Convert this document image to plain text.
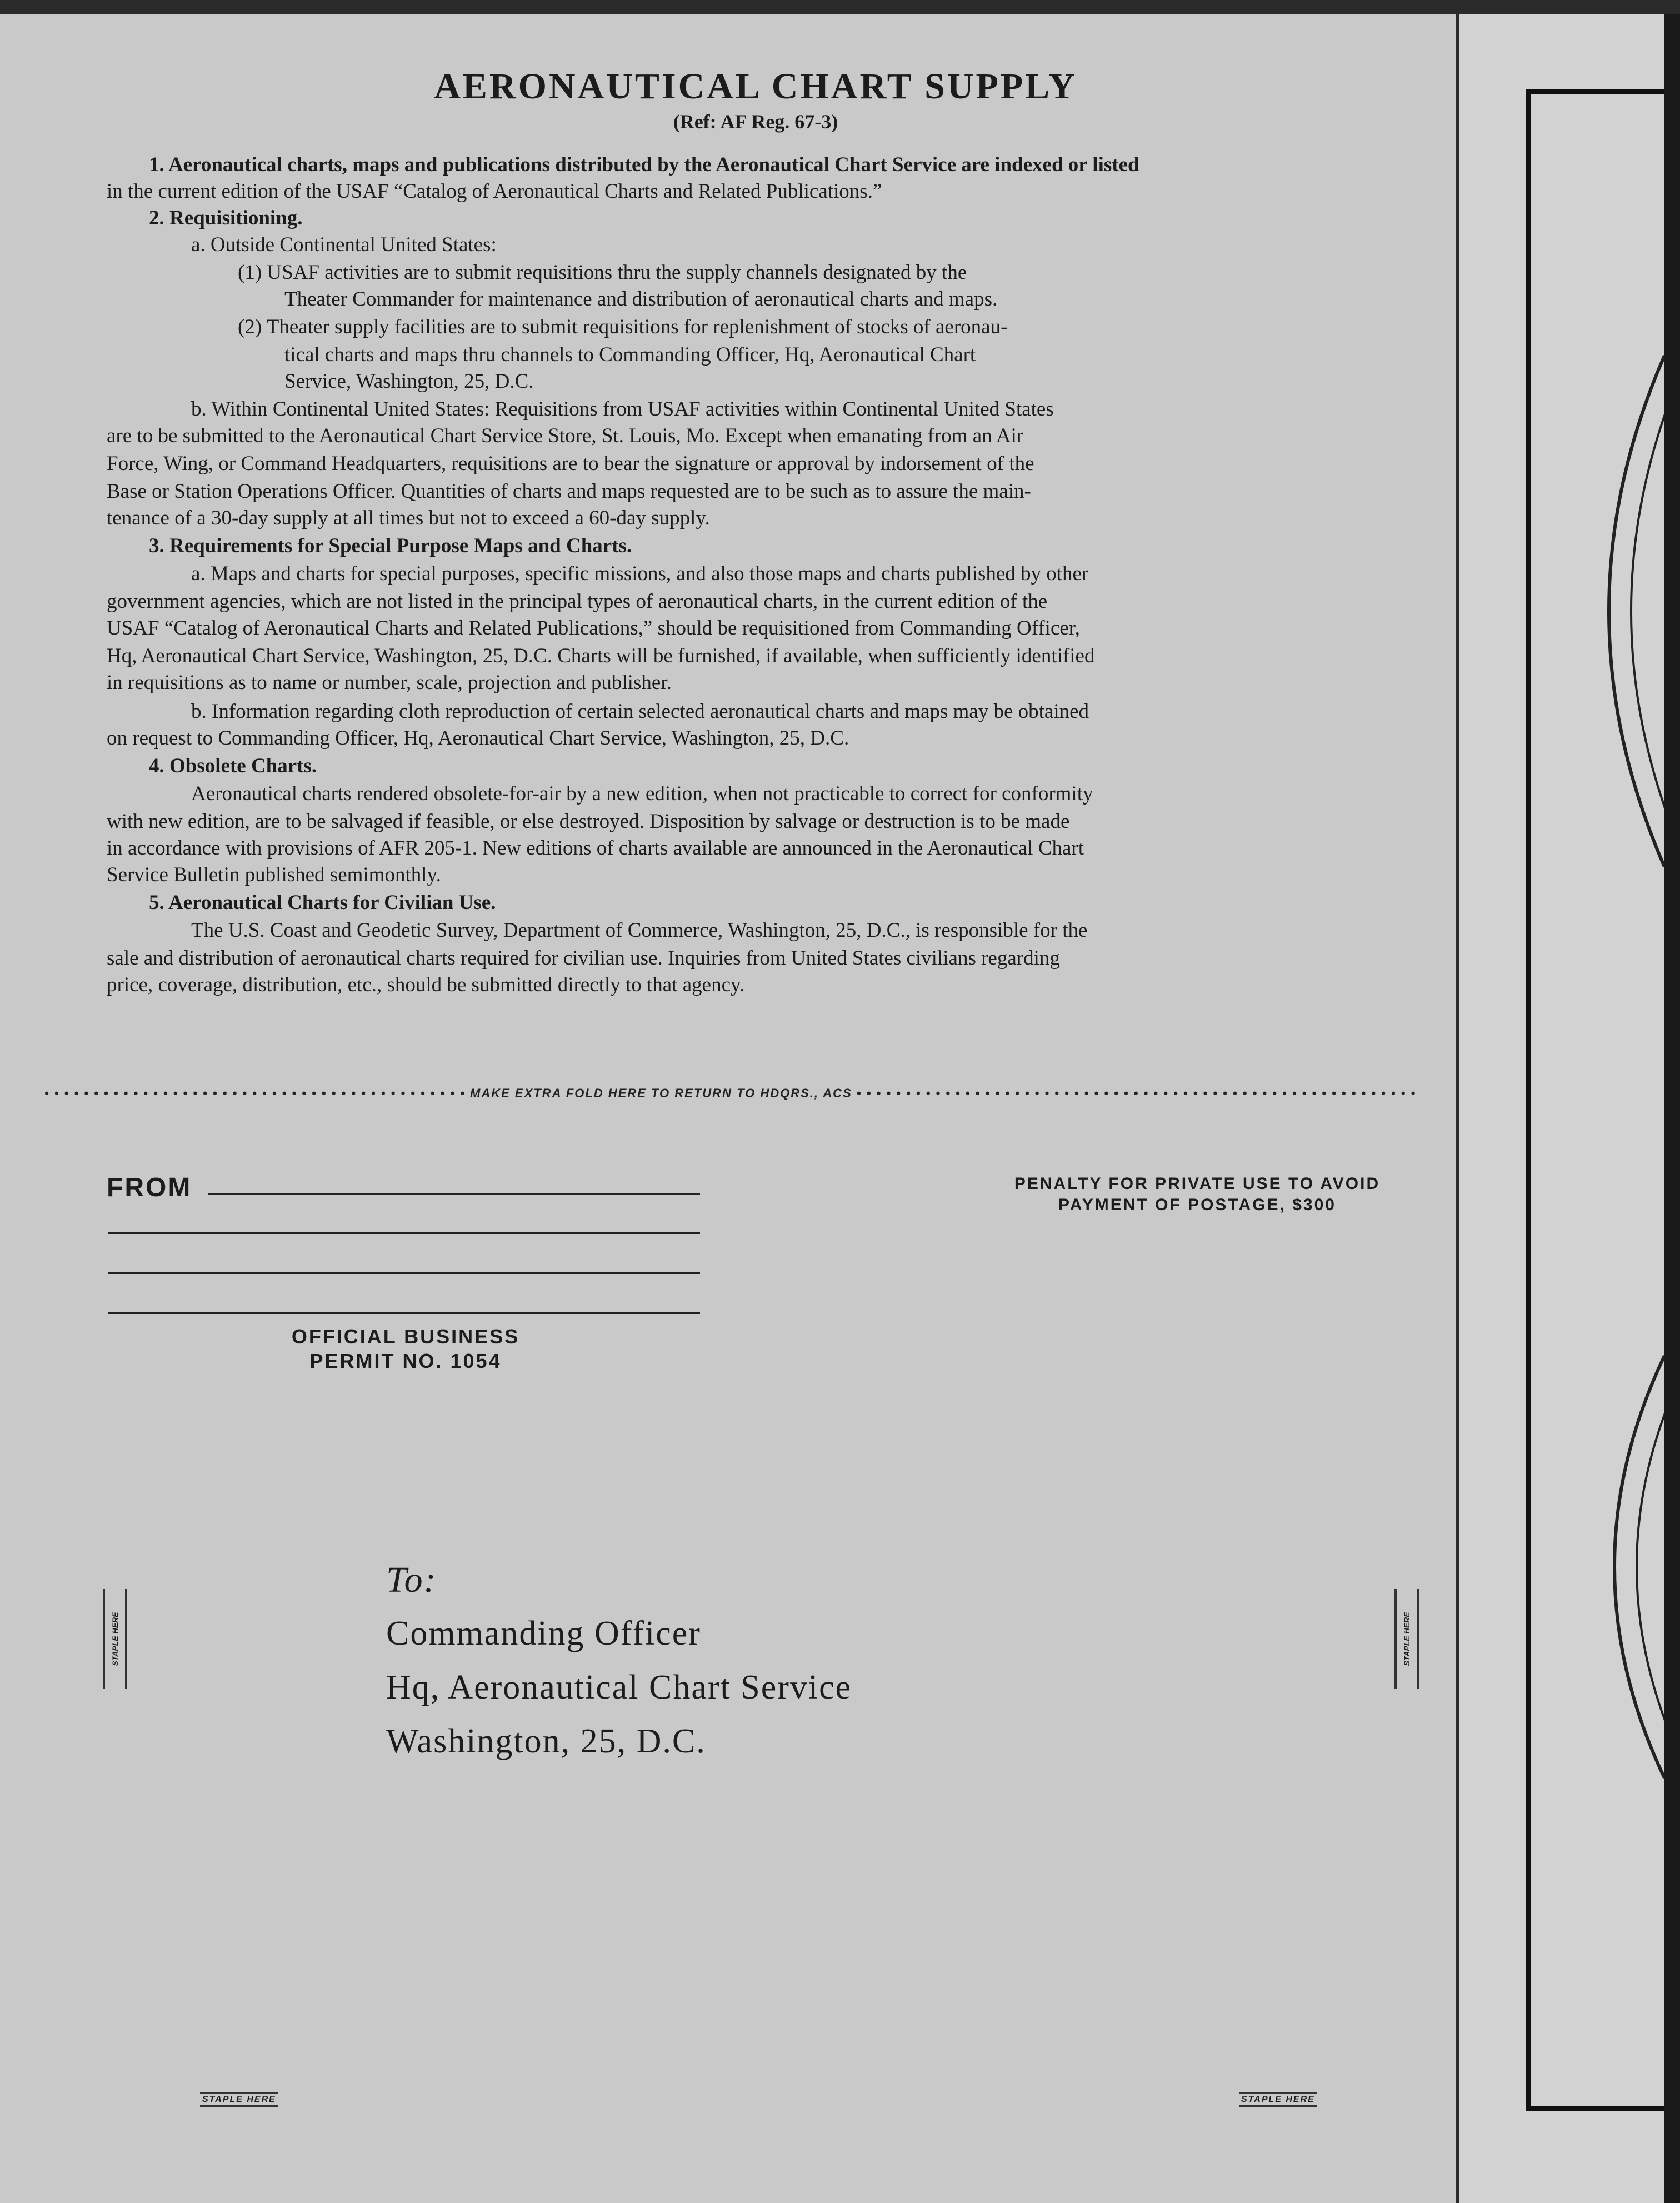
AERONAUTICAL CHART SUPPLY
(Ref: AF Reg. 67-3)
1. Aeronautical charts, maps and publications distributed by the Aeronautical Chart Service are indexed or listed
in the current edition of the USAF “Catalog of Aeronautical Charts and Related Publications.”
2. Requisitioning.
a. Outside Continental United States:
(1) USAF activities are to submit requisitions thru the supply channels designated by the
Theater Commander for maintenance and distribution of aeronautical charts and maps.
(2) Theater supply facilities are to submit requisitions for replenishment of stocks of aeronau-
tical charts and maps thru channels to Commanding Officer, Hq, Aeronautical Chart
Service, Washington, 25, D.C.
b. Within Continental United States: Requisitions from USAF activities within Continental United States
are to be submitted to the Aeronautical Chart Service Store, St. Louis, Mo. Except when emanating from an Air
Force, Wing, or Command Headquarters, requisitions are to bear the signature or approval by indorsement of the
Base or Station Operations Officer. Quantities of charts and maps requested are to be such as to assure the main-
tenance of a 30-day supply at all times but not to exceed a 60-day supply.
3. Requirements for Special Purpose Maps and Charts.
a. Maps and charts for special purposes, specific missions, and also those maps and charts published by other
government agencies, which are not listed in the principal types of aeronautical charts, in the current edition of the
USAF “Catalog of Aeronautical Charts and Related Publications,” should be requisitioned from Commanding Officer,
Hq, Aeronautical Chart Service, Washington, 25, D.C. Charts will be furnished, if available, when sufficiently identified
in requisitions as to name or number, scale, projection and publisher.
b. Information regarding cloth reproduction of certain selected aeronautical charts and maps may be obtained
on request to Commanding Officer, Hq, Aeronautical Chart Service, Washington, 25, D.C.
4. Obsolete Charts.
Aeronautical charts rendered obsolete-for-air by a new edition, when not practicable to correct for conformity
with new edition, are to be salvaged if feasible, or else destroyed. Disposition by salvage or destruction is to be made
in accordance with provisions of AFR 205-1. New editions of charts available are announced in the Aeronautical Chart
Service Bulletin published semimonthly.
5. Aeronautical Charts for Civilian Use.
The U.S. Coast and Geodetic Survey, Department of Commerce, Washington, 25, D.C., is responsible for the
sale and distribution of aeronautical charts required for civilian use. Inquiries from United States civilians regarding
price, coverage, distribution, etc., should be submitted directly to that agency.
• • • • • • • • • • • • • • • • • • • • • • • • • • • • • • • • • • • • • • • • • • • MAKE EXTRA FOLD HERE TO RETURN TO HDQRS., ACS • • • • • • • • • • • • • • • • • • • • • • • • • • • • • • • • • • • • • • • • • • • • • • • • • • • • • • • • •
FROM	PENALTY FOR PRIVATE USE TO AVOID
PAYMENT OF POSTAGE, $300
OFFICIAL BUSINESS
PERMIT NO. 1054
To:
Commanding Officer
Hq, Aeronautical Chart Service
Washington, 25, D.C.
STAPLE HERE	STAPLE HERE
STAPLE HERE	STAPLE HERE
